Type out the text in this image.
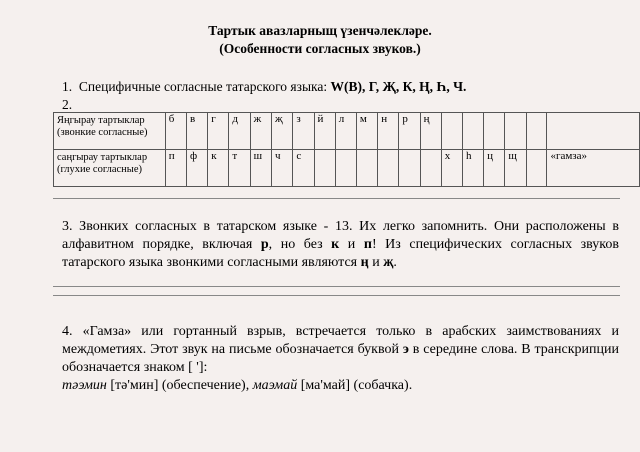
Тартык авазларныщ үзенчәлекләре.
(Особенности согласных звуков.)
1. Специфичные согласные татарского языка: W(В), Г, Җ, К, Ң, Һ, Ч.
2.
Яңгырау тартыклар
(звонкие согласные)	б	в	г	д	ж	җ	з	й	л	м	н	р	ң						
саңгырау тартыклар
(глухие согласные)	п	ф	к	т	ш	ч	с							х	һ	ц	щ		«гамза»
3. Звонких согласных в татарском языке - 13. Их легко запомнить. Они расположены в алфавитном порядке, включая р, но без к и п! Из специфических согласных звуков татарского языка звонкими согласными являются ң и җ.
4. «Гамза» или гортанный взрыв, встречается только в арабских заимствованиях и междометиях. Этот звук на письме обозначается буквой э в середине слова. В транскрипции обозначается знаком [ ']:
тәэмин [тә'мин] (обеспечение), маэмай [ма'май] (собачка).
